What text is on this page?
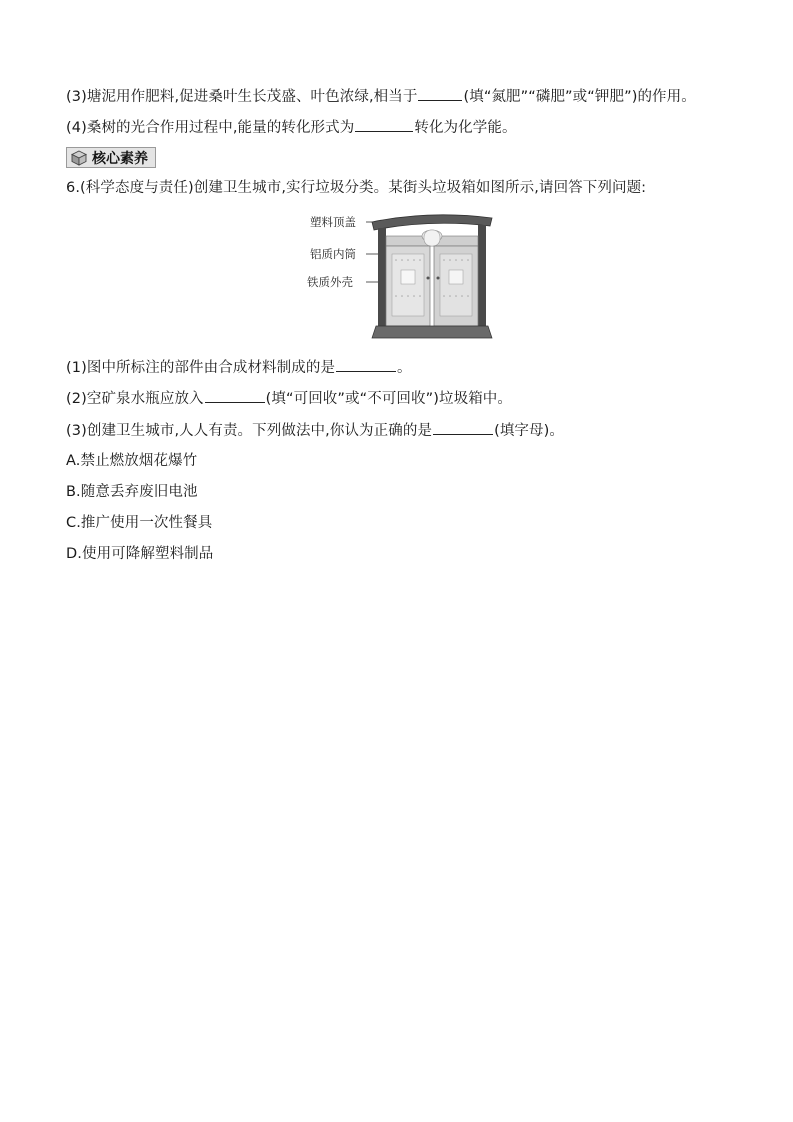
(3)塘泥用作肥料,促进桑叶生长茂盛、叶色浓绿,相当于	(填“氮肥”“磷肥”或“钾肥”)的作用。
(4)桑树的光合作用过程中,能量的转化形式为	转化为化学能。
核心素养
6.(科学态度与责任)创建卫生城市,实行垃圾分类。某街头垃圾箱如图所示,请回答下列问题:
塑料顶盖
铝质内筒
铁质外壳
(1)图中所标注的部件由合成材料制成的是	。
(2)空矿泉水瓶应放入	(填“可回收”或“不可回收”)垃圾箱中。
(3)创建卫生城市,人人有责。下列做法中,你认为正确的是	(填字母)。
A.禁止燃放烟花爆竹
B.随意丢弃废旧电池
C.推广使用一次性餐具
D.使用可降解塑料制品
